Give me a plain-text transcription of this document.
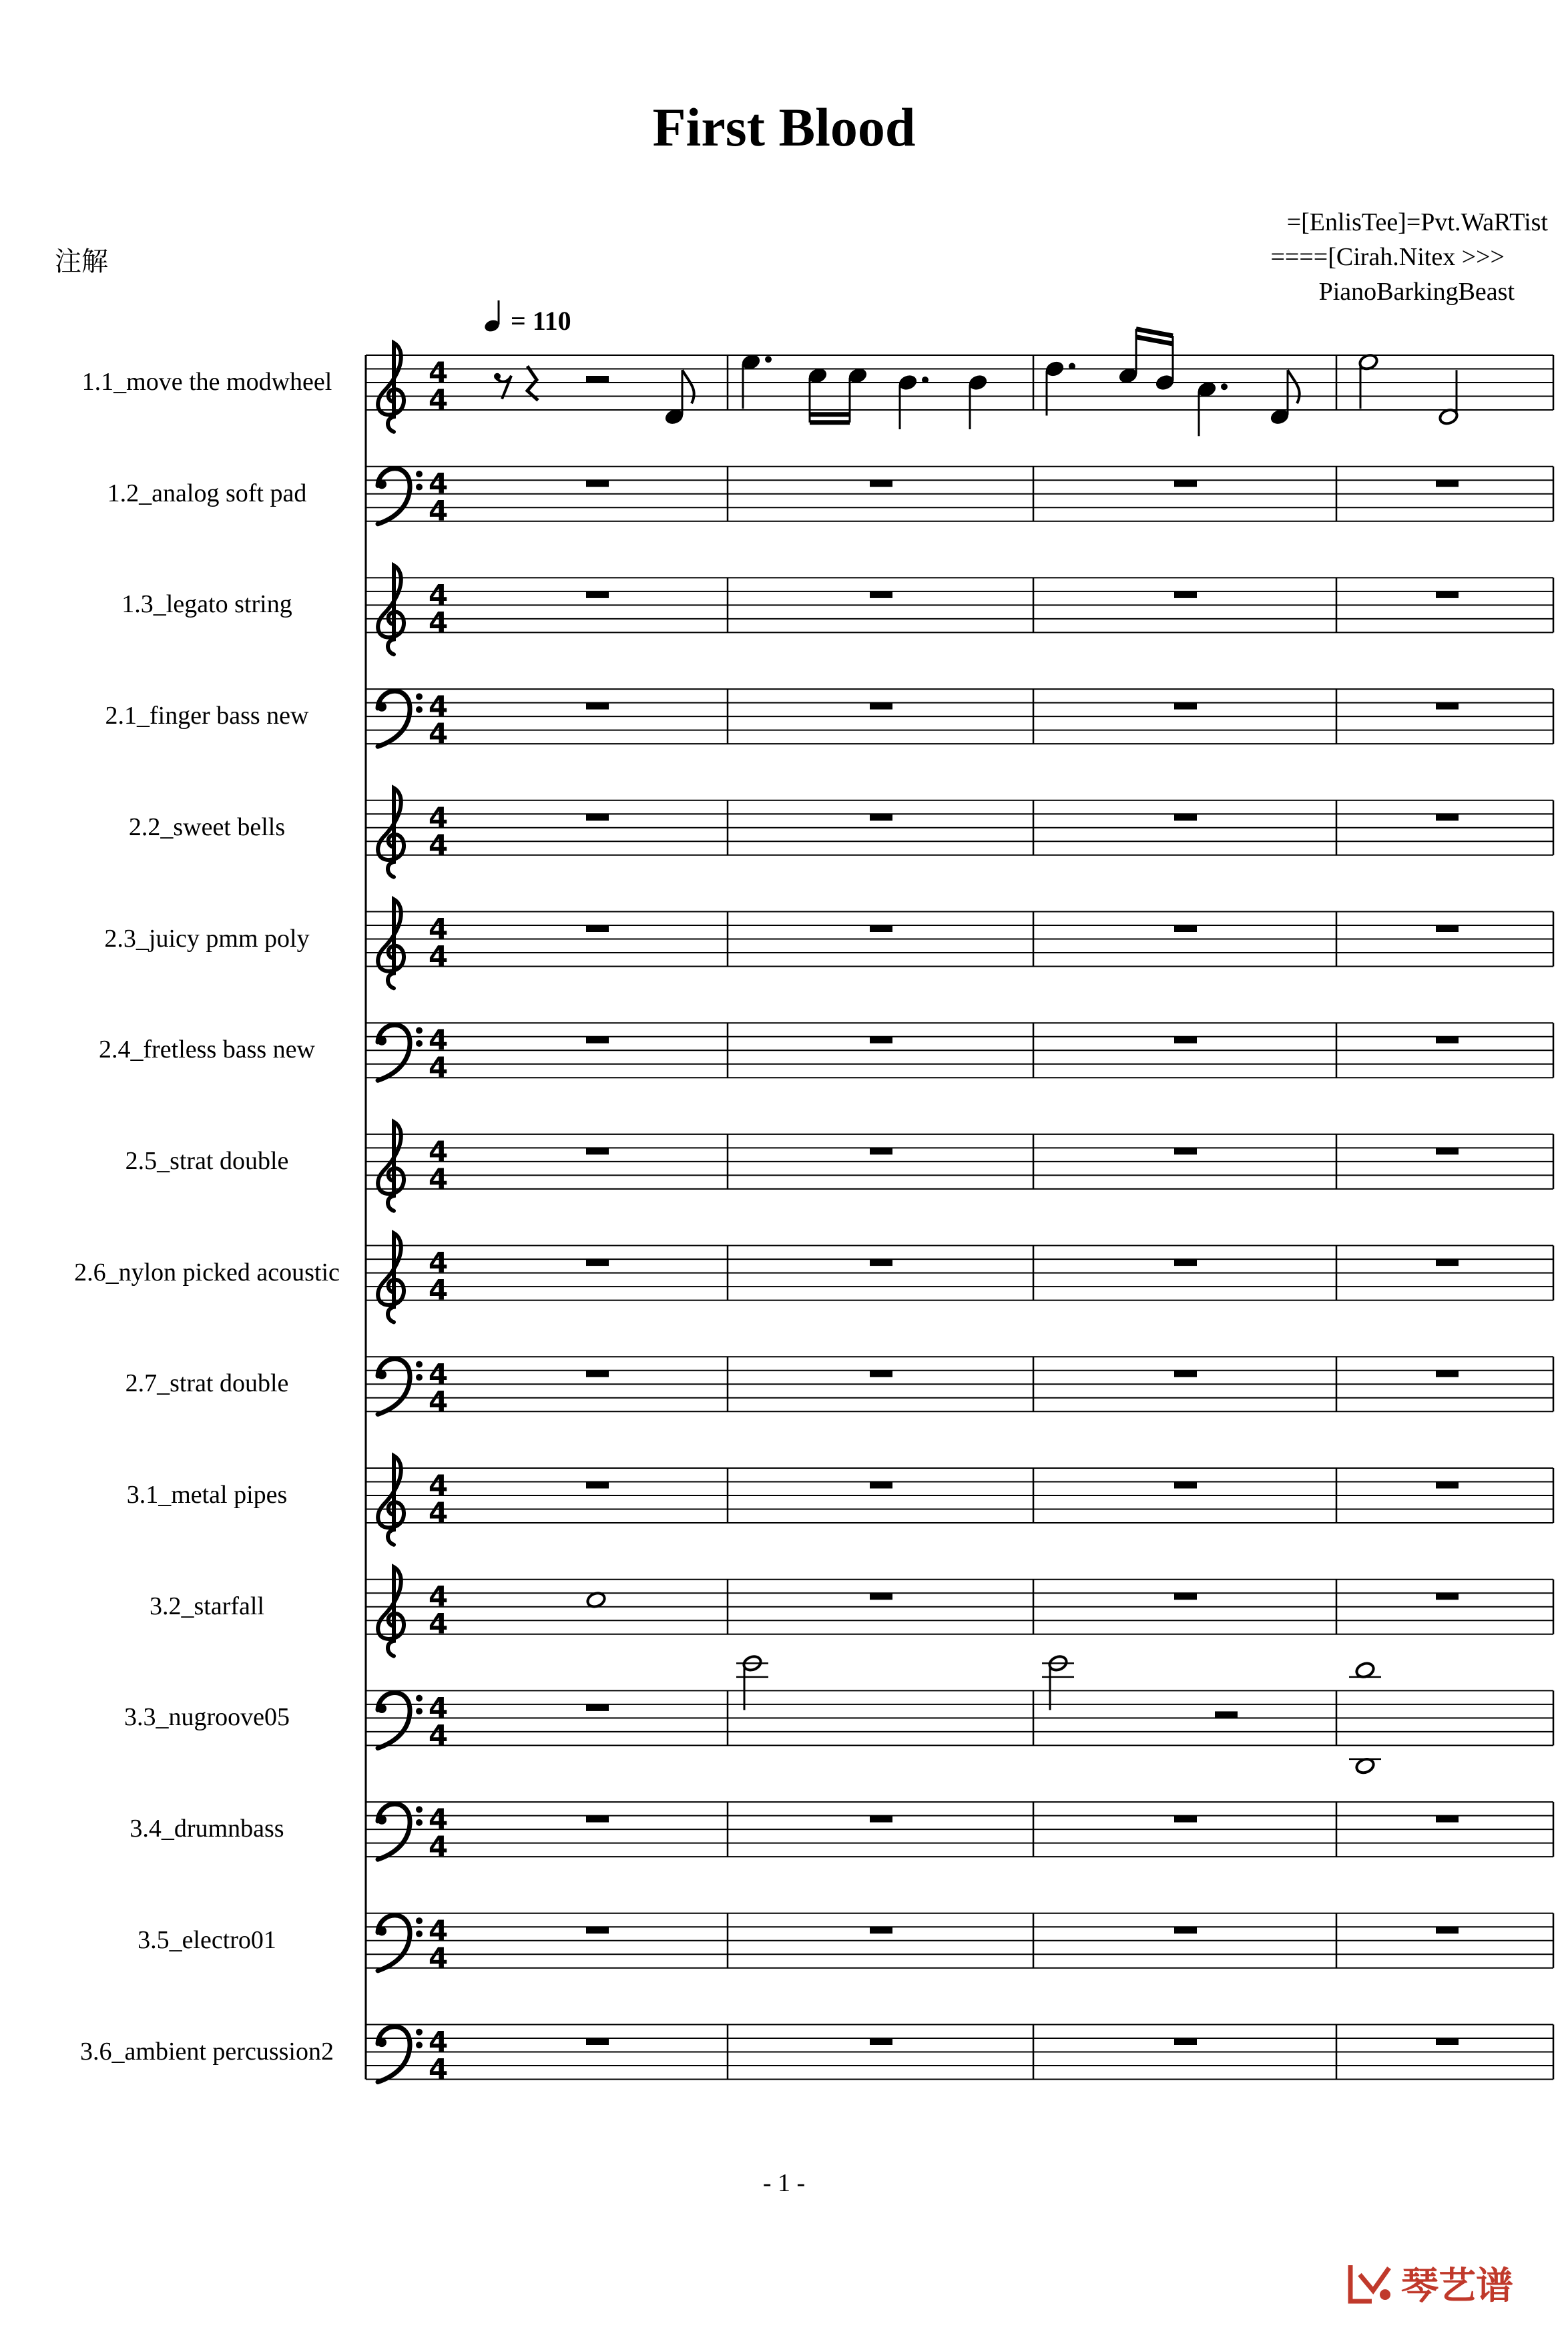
First Blood
=[EnlisTee]=Pvt.WaRTist
====[Cirah.Nitex >>>
PianoBarkingBeast
注解
= 110
1.1_move the modwheel
1.2_analog soft pad
1.3_legato string
2.1_finger bass new
2.2_sweet bells
2.3_juicy pmm poly
2.4_fretless bass new
2.5_strat double
2.6_nylon picked acoustic
2.7_strat double
3.1_metal pipes
3.2_starfall
3.3_nugroove05
3.4_drumnbass
3.5_electro01
3.6_ambient percussion2
4
4
4
4
4
4
4
4
4
4
4
4
4
4
4
4
4
4
4
4
4
4
4
4
4
4
4
4
4
4
4
4
- 1 -
琴艺谱
